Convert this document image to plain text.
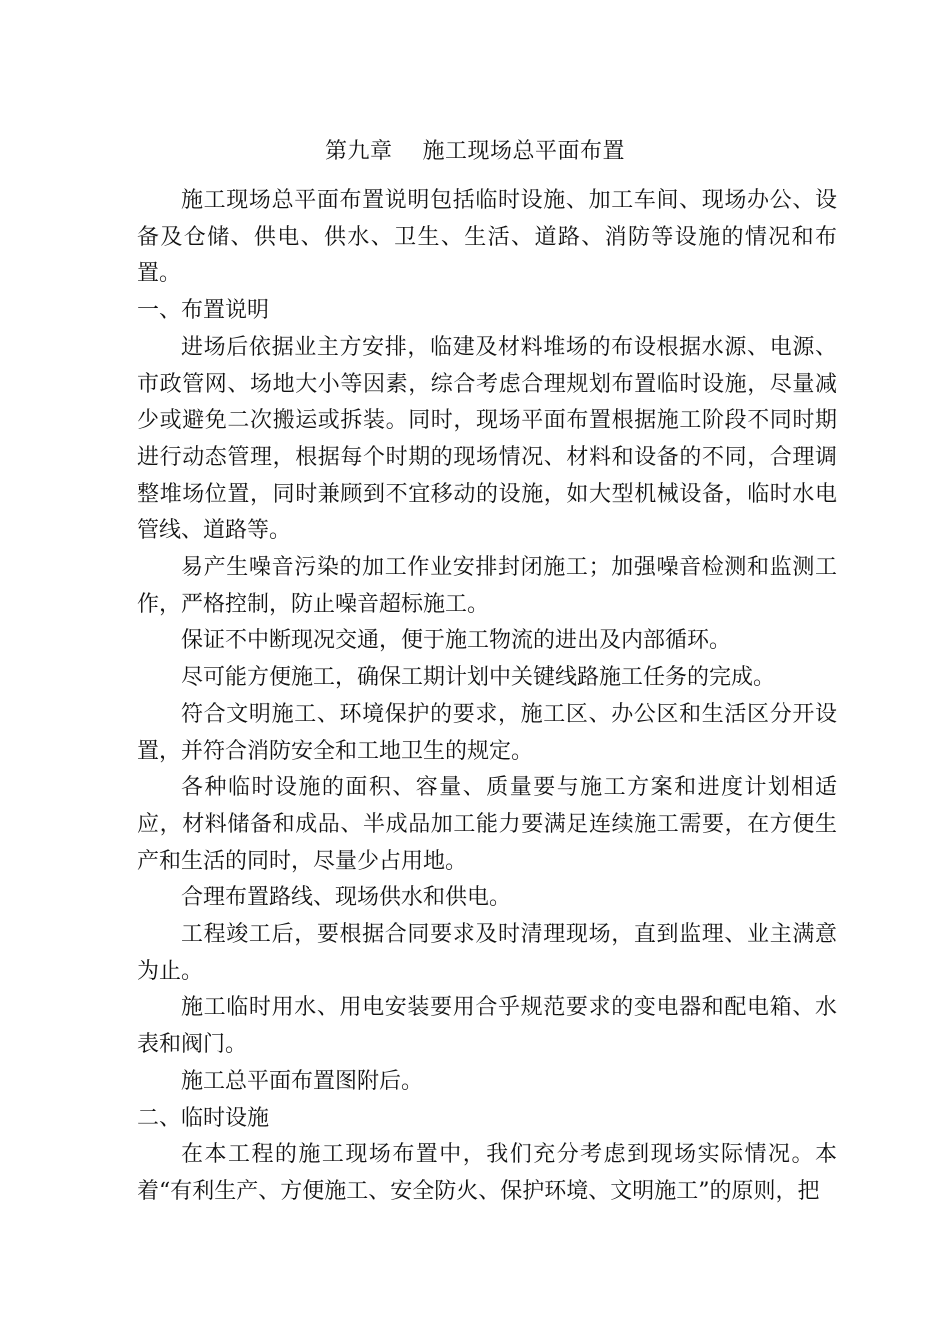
第九章 施工现场总平面布置

施工现场总平面布置说明包括临时设施、加工车间、现场办公、设备及仓储、供电、供水、卫生、生活、道路、消防等设施的情况和布置。

一、布置说明

进场后依据业主方安排，临建及材料堆场的布设根据水源、电源、市政管网、场地大小等因素，综合考虑合理规划布置临时设施，尽量减少或避免二次搬运或拆装。同时，现场平面布置根据施工阶段不同时期进行动态管理，根据每个时期的现场情况、材料和设备的不同，合理调整堆场位置，同时兼顾到不宜移动的设施，如大型机械设备，临时水电管线、道路等。

易产生噪音污染的加工作业安排封闭施工；加强噪音检测和监测工作，严格控制，防止噪音超标施工。

保证不中断现况交通，便于施工物流的进出及内部循环。

尽可能方便施工，确保工期计划中关键线路施工任务的完成。

符合文明施工、环境保护的要求，施工区、办公区和生活区分开设置，并符合消防安全和工地卫生的规定。

各种临时设施的面积、容量、质量要与施工方案和进度计划相适应，材料储备和成品、半成品加工能力要满足连续施工需要，在方便生产和生活的同时，尽量少占用地。

合理布置路线、现场供水和供电。

工程竣工后，要根据合同要求及时清理现场，直到监理、业主满意为止。

施工临时用水、用电安装要用合乎规范要求的变电器和配电箱、水表和阀门。

施工总平面布置图附后。

二、临时设施

在本工程的施工现场布置中，我们充分考虑到现场实际情况。本着“有利生产、方便施工、安全防火、保护环境、文明施工”的原则，把
